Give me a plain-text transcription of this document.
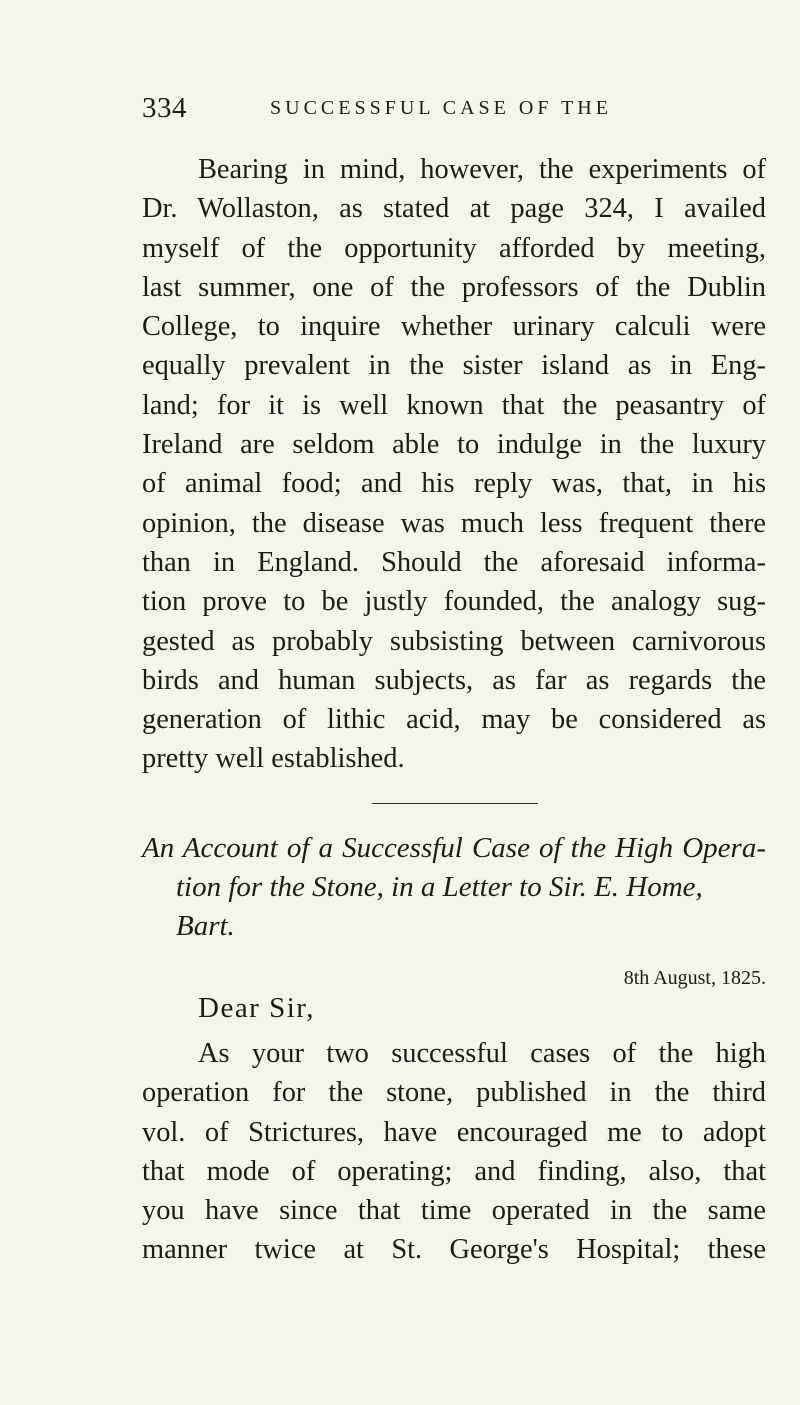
334	SUCCESSFUL CASE OF THE
Bearing in mind, however, the experiments of
Dr. Wollaston, as stated at page 324, I availed
myself of the opportunity afforded by meeting,
last summer, one of the professors of the Dublin
College, to inquire whether urinary calculi were
equally prevalent in the sister island as in Eng-
land; for it is well known that the peasantry of
Ireland are seldom able to indulge in the luxury
of animal food; and his reply was, that, in his
opinion, the disease was much less frequent there
than in England. Should the aforesaid informa-
tion prove to be justly founded, the analogy sug-
gested as probably subsisting between carnivorous
birds and human subjects, as far as regards the
generation of lithic acid, may be considered as
pretty well established.
An Account of a Successful Case of the High Opera-
tion for the Stone, in a Letter to Sir. E. Home,
Bart.
8th August, 1825.
Dear Sir,
As your two successful cases of the high
operation for the stone, published in the third
vol. of Strictures, have encouraged me to adopt
that mode of operating; and finding, also, that
you have since that time operated in the same
manner twice at St. George's Hospital; these
